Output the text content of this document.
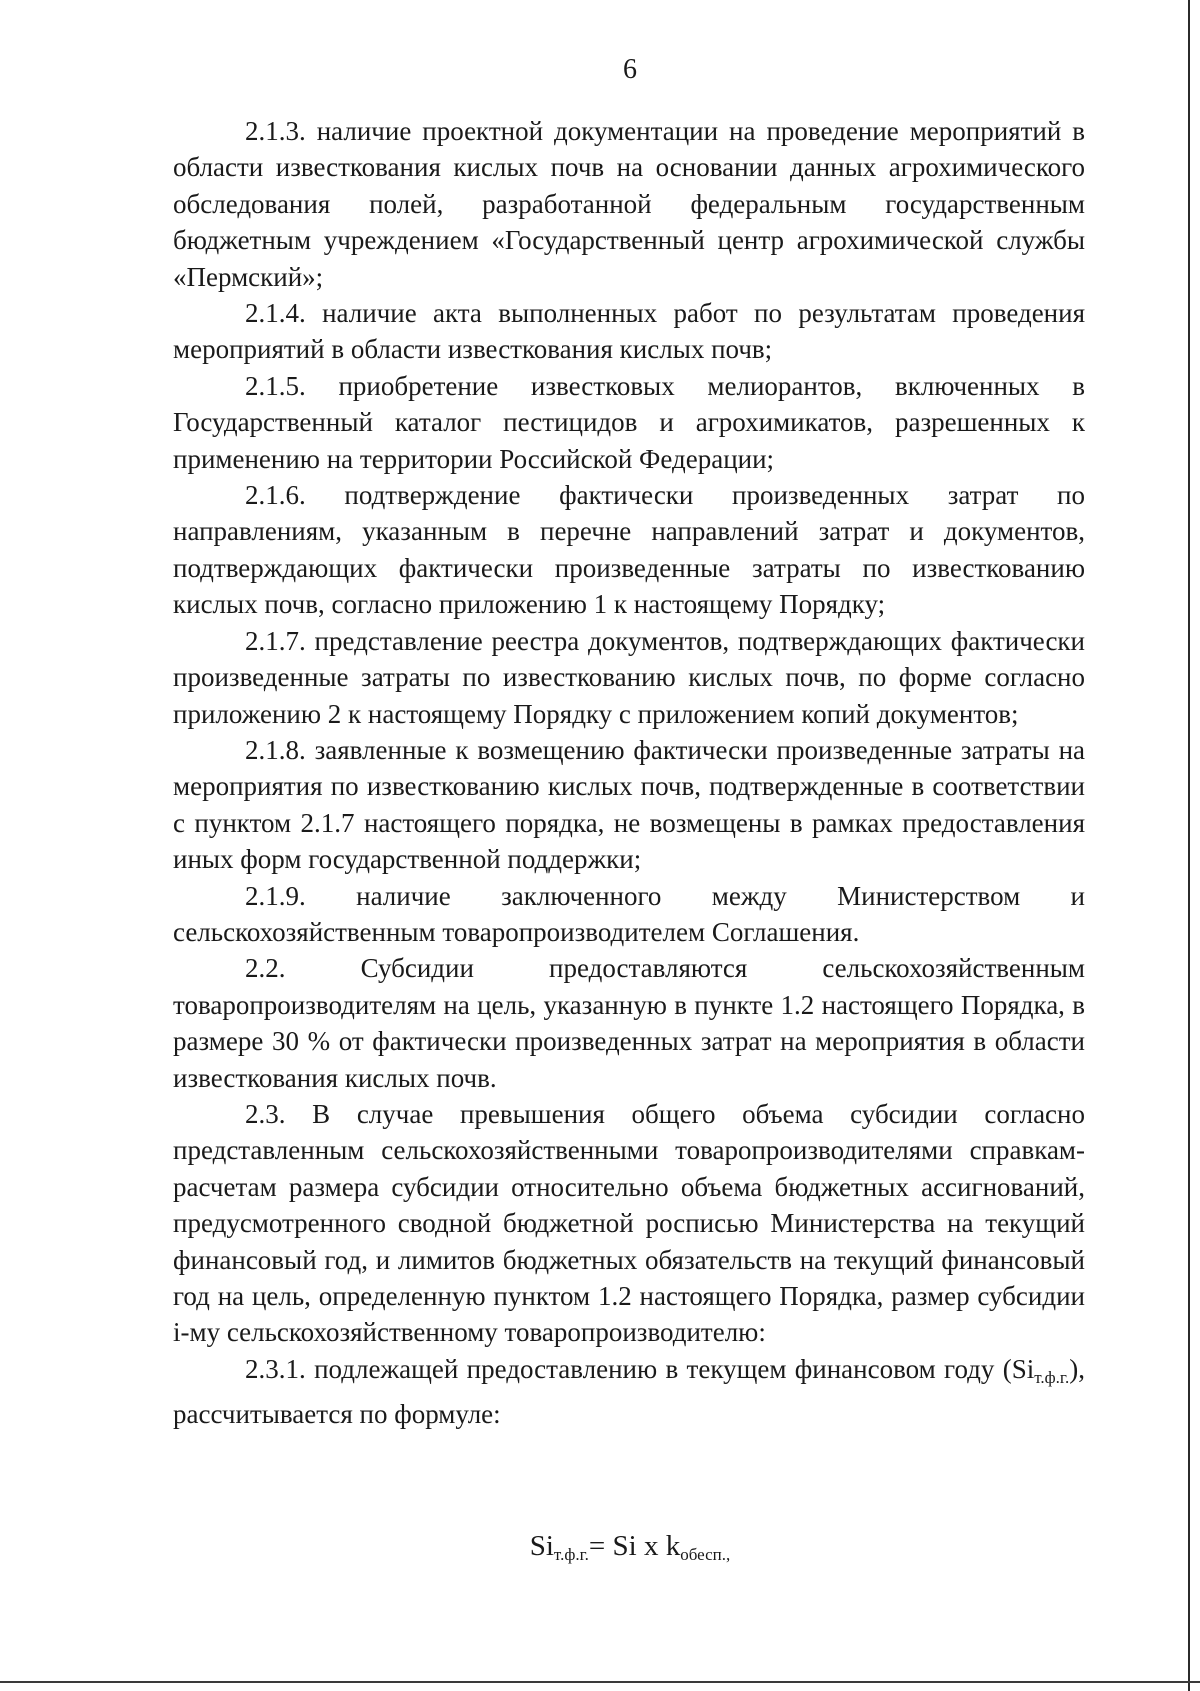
6

2.1.3. наличие проектной документации на проведение мероприятий в области известкования кислых почв на основании данных агрохимического обследования полей, разработанной федеральным государственным бюджетным учреждением «Государственный центр агрохимической службы «Пермский»;

2.1.4. наличие акта выполненных работ по результатам проведения мероприятий в области известкования кислых почв;

2.1.5. приобретение известковых мелиорантов, включенных в Государственный каталог пестицидов и агрохимикатов, разрешенных к применению на территории Российской Федерации;

2.1.6. подтверждение фактически произведенных затрат по направлениям, указанным в перечне направлений затрат и документов, подтверждающих фактически произведенные затраты по известкованию кислых почв, согласно приложению 1 к настоящему Порядку;

2.1.7. представление реестра документов, подтверждающих фактически произведенные затраты по известкованию кислых почв, по форме согласно приложению 2 к настоящему Порядку с приложением копий документов;

2.1.8. заявленные к возмещению фактически произведенные затраты на мероприятия по известкованию кислых почв, подтвержденные в соответствии с пунктом 2.1.7 настоящего порядка, не возмещены в рамках предоставления иных форм государственной поддержки;

2.1.9. наличие заключенного между Министерством и сельскохозяйственным товаропроизводителем Соглашения.

2.2. Субсидии предоставляются сельскохозяйственным товаропроизводителям на цель, указанную в пункте 1.2 настоящего Порядка, в размере 30 % от фактически произведенных затрат на мероприятия в области известкования кислых почв.

2.3. В случае превышения общего объема субсидии согласно представленным сельскохозяйственными товаропроизводителями справкам-расчетам размера субсидии относительно объема бюджетных ассигнований, предусмотренного сводной бюджетной росписью Министерства на текущий финансовый год, и лимитов бюджетных обязательств на текущий финансовый год на цель, определенную пунктом 1.2 настоящего Порядка, размер субсидии i-му сельскохозяйственному товаропроизводителю:

2.3.1. подлежащей предоставлению в текущем финансовом году $(Si_{т.ф.г.})$, рассчитывается по формуле:

$Si_{т.ф.г.}= Si$ x $k_{обесп.,}$
